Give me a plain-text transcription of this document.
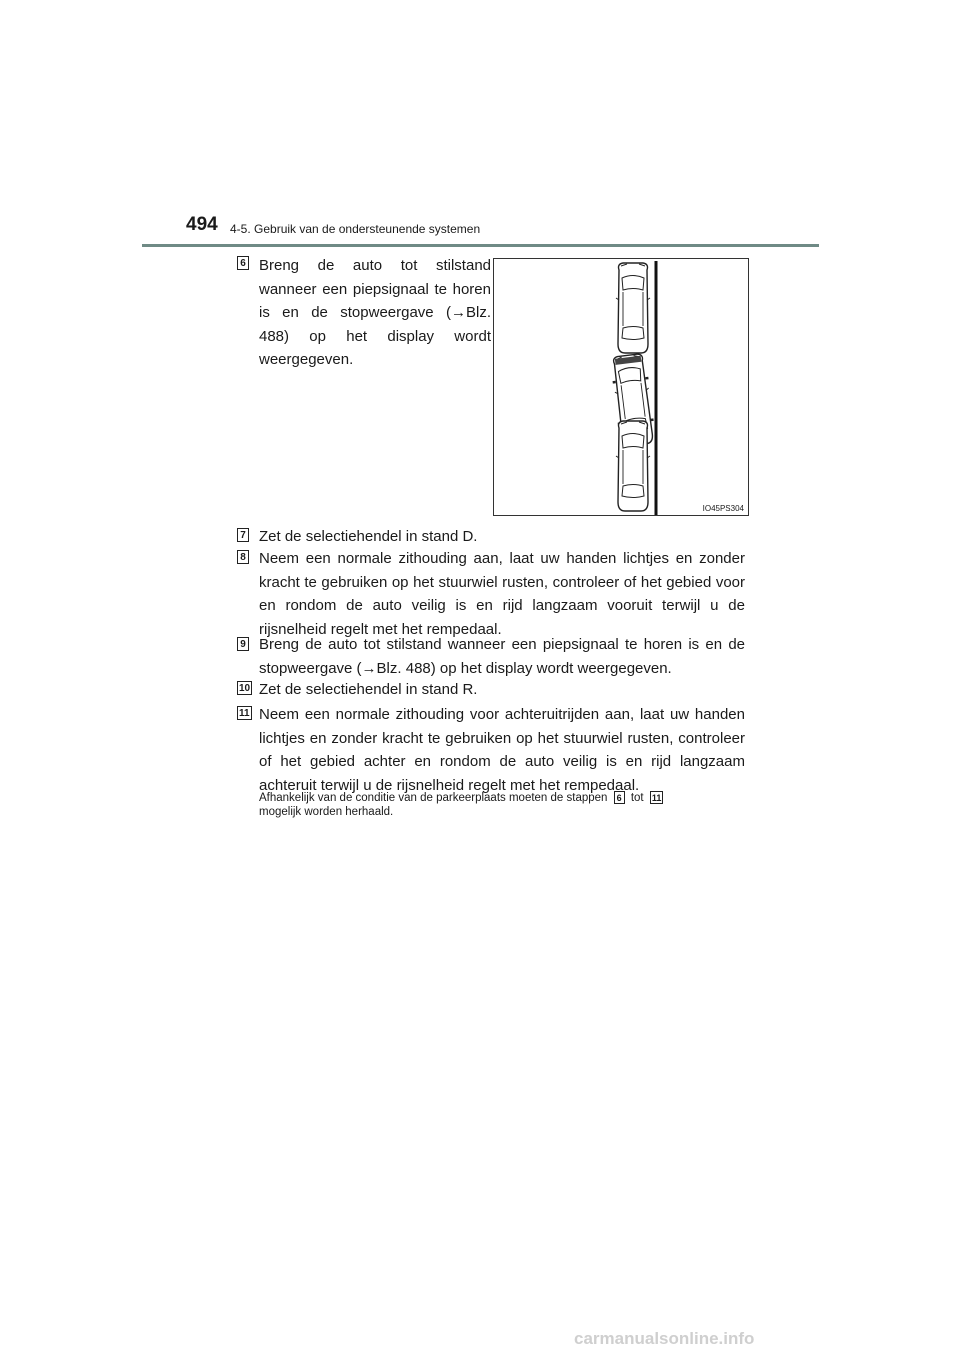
494 4-5. Gebruik van de ondersteunende systemen
6 Breng de auto tot stilstand wanneer een piepsignaal te horen is en de stopweergave (→Blz. 488) op het display wordt weergegeven.
IO45PS304
7 Zet de selectiehendel in stand D.
8 Neem een normale zithouding aan, laat uw handen lichtjes en zonder kracht te gebruiken op het stuurwiel rusten, controleer of het gebied voor en rondom de auto veilig is en rijd langzaam vooruit terwijl u de rijsnelheid regelt met het rempedaal.
9 Breng de auto tot stilstand wanneer een piepsignaal te horen is en de stopweergave (→Blz. 488) op het display wordt weergegeven.
10 Zet de selectiehendel in stand R.
11 Neem een normale zithouding voor achteruitrijden aan, laat uw handen lichtjes en zonder kracht te gebruiken op het stuurwiel rusten, controleer of het gebied achter en rondom de auto veilig is en rijd langzaam achteruit terwijl u de rijsnelheid regelt met het rempedaal.
Afhankelijk van de conditie van de parkeerplaats moeten de stappen 6 tot 11
mogelijk worden herhaald.
carmanualsonline.info
